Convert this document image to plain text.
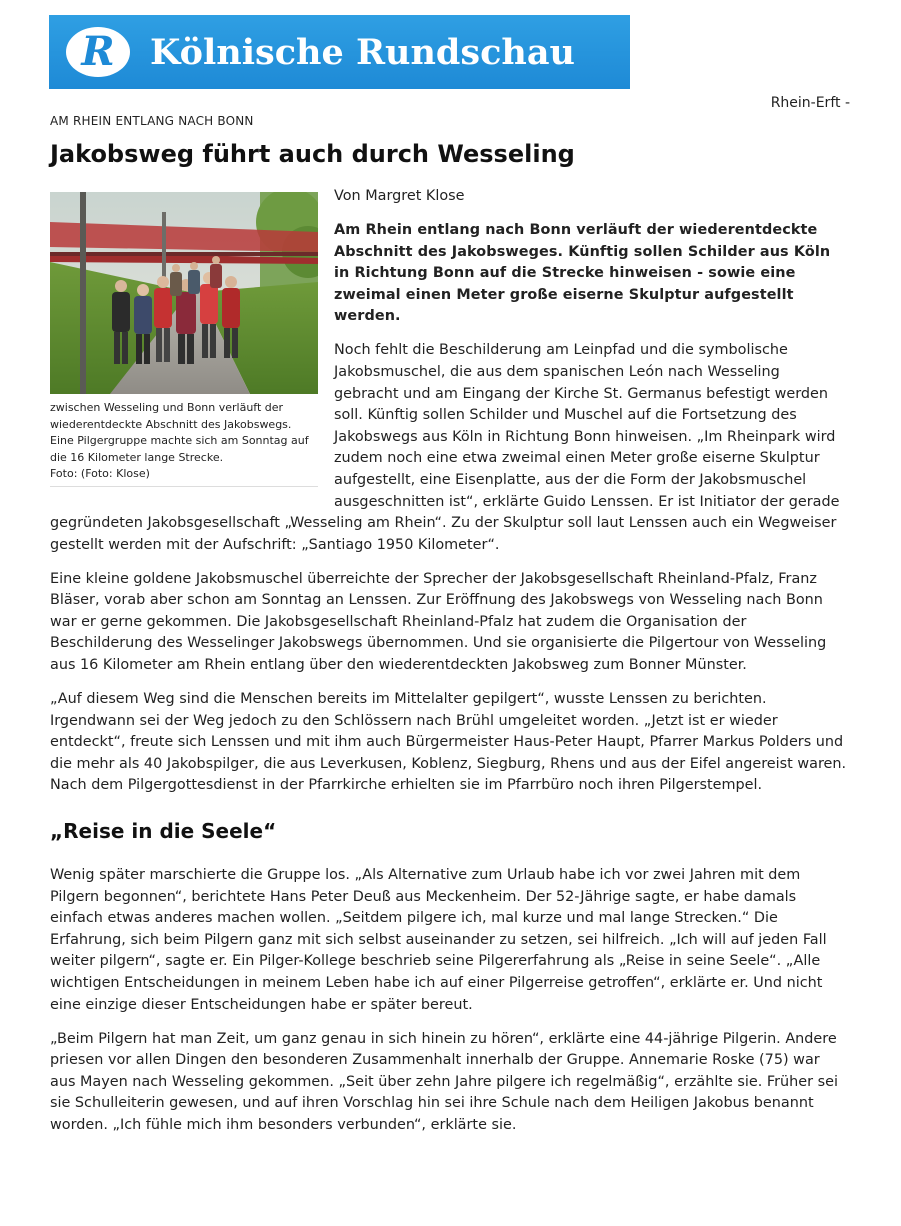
R	Kölnische Rundschau
Rhein-Erft -
AM RHEIN ENTLANG NACH BONN
Jakobsweg führt auch durch Wesseling
zwischen Wesseling und Bonn verläuft der wiederentdeckte Abschnitt des Jakobswegs. Eine Pilgergruppe machte sich am Sonntag auf die 16 Kilometer lange Strecke.
Foto: (Foto: Klose)

Von Margret Klose

Am Rhein entlang nach Bonn verläuft der wiederentdeckte Abschnitt des Jakobsweges. Künftig sollen Schilder aus Köln in Richtung Bonn auf die Strecke hinweisen - sowie eine zweimal einen Meter große eiserne Skulptur aufgestellt werden.

Noch fehlt die Beschilderung am Leinpfad und die symbolische Jakobsmuschel, die aus dem spanischen León nach Wesseling gebracht und am Eingang der Kirche St. Germanus befestigt werden soll. Künftig sollen Schilder und Muschel auf die Fortsetzung des Jakobswegs aus Köln in Richtung Bonn hinweisen. „Im Rheinpark wird zudem noch eine etwa zweimal einen Meter große eiserne Skulptur aufgestellt, eine Eisenplatte, aus der die Form der Jakobsmuschel ausgeschnitten ist“, erklärte Guido Lenssen. Er ist Initiator der gerade gegründeten Jakobsgesellschaft „Wesseling am Rhein“. Zu der Skulptur soll laut Lenssen auch ein Wegweiser gestellt werden mit der Aufschrift: „Santiago 1950 Kilometer“.

Eine kleine goldene Jakobsmuschel überreichte der Sprecher der Jakobsgesellschaft Rheinland-Pfalz, Franz Bläser, vorab aber schon am Sonntag an Lenssen. Zur Eröffnung des Jakobswegs von Wesseling nach Bonn war er gerne gekommen. Die Jakobsgesellschaft Rheinland-Pfalz hat zudem die Organisation der Beschilderung des Wesselinger Jakobswegs übernommen. Und sie organisierte die Pilgertour von Wesseling aus 16 Kilometer am Rhein entlang über den wiederentdeckten Jakobsweg zum Bonner Münster.

„Auf diesem Weg sind die Menschen bereits im Mittelalter gepilgert“, wusste Lenssen zu berichten. Irgendwann sei der Weg jedoch zu den Schlössern nach Brühl umgeleitet worden. „Jetzt ist er wieder entdeckt“, freute sich Lenssen und mit ihm auch Bürgermeister Haus-Peter Haupt, Pfarrer Markus Polders und die mehr als 40 Jakobspilger, die aus Leverkusen, Koblenz, Siegburg, Rhens und aus der Eifel angereist waren. Nach dem Pilgergottesdienst in der Pfarrkirche erhielten sie im Pfarrbüro noch ihren Pilgerstempel.

„Reise in die Seele“

Wenig später marschierte die Gruppe los. „Als Alternative zum Urlaub habe ich vor zwei Jahren mit dem Pilgern begonnen“, berichtete Hans Peter Deuß aus Meckenheim. Der 52-Jährige sagte, er habe damals einfach etwas anderes machen wollen. „Seitdem pilgere ich, mal kurze und mal lange Strecken.“ Die Erfahrung, sich beim Pilgern ganz mit sich selbst auseinander zu setzen, sei hilfreich. „Ich will auf jeden Fall weiter pilgern“, sagte er. Ein Pilger-Kollege beschrieb seine Pilgererfahrung als „Reise in seine Seele“. „Alle wichtigen Entscheidungen in meinem Leben habe ich auf einer Pilgerreise getroffen“, erklärte er. Und nicht eine einzige dieser Entscheidungen habe er später bereut.

„Beim Pilgern hat man Zeit, um ganz genau in sich hinein zu hören“, erklärte eine 44-jährige Pilgerin. Andere priesen vor allen Dingen den besonderen Zusammenhalt innerhalb der Gruppe. Annemarie Roske (75) war aus Mayen nach Wesseling gekommen. „Seit über zehn Jahre pilgere ich regelmäßig“, erzählte sie. Früher sei sie Schulleiterin gewesen, und auf ihren Vorschlag hin sei ihre Schule nach dem Heiligen Jakobus benannt worden. „Ich fühle mich ihm besonders verbunden“, erklärte sie.
